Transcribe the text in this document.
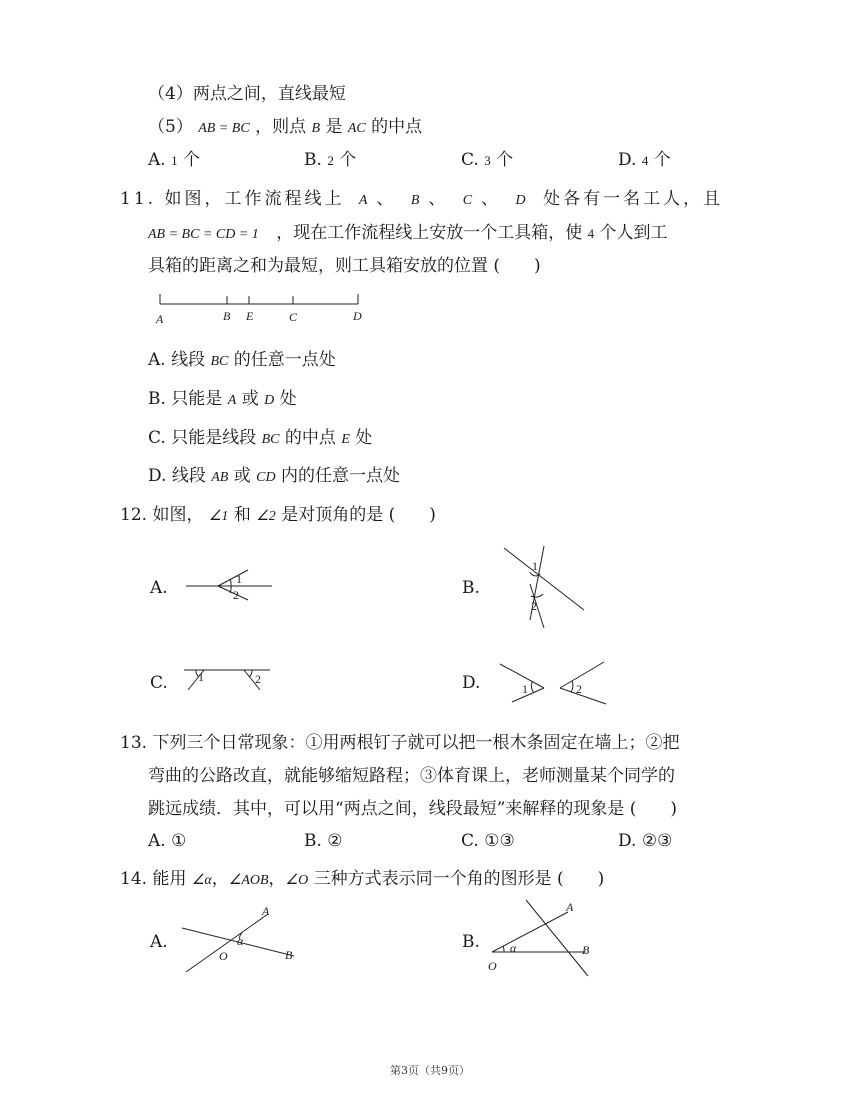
（4）两点之间，直线最短
（5） AB = BC ，则点 B 是 AC 的中点
A. 1 个	B. 2 个	C. 3 个	D. 4 个
11. 如图，工作流程线上 A 、 B 、 C 、 D 处各有一名工人，且
AB = BC = CD = 1 ，现在工作流程线上安放一个工具箱，使 4 个人到工
具箱的距离之和为最短，则工具箱安放的位置 (　　)
A	B E	C	D
A. 线段 BC 的任意一点处
B. 只能是 A 或 D 处
C. 只能是线段 BC 的中点 E 处
D. 线段 AB 或 CD 内的任意一点处
12. 如图， ∠1 和 ∠2 是对顶角的是 (　　)
A.	1
2	B.
1
2
C.	1	2	D.	1	2
13. 下列三个日常现象：①用两根钉子就可以把一根木条固定在墙上；②把
弯曲的公路改直，就能够缩短路程；③体育课上，老师测量某个同学的
跳远成绩．其中，可以用“两点之间，线段最短”来解释的现象是 (　　)
A. ①	B. ②	C. ①③	D. ②③
14. 能用 ∠α，∠AOB，∠O 三种方式表示同一个角的图形是 (　　)
A.
A
O
α
B
B.
A
O
α	B
第3页（共9页）
